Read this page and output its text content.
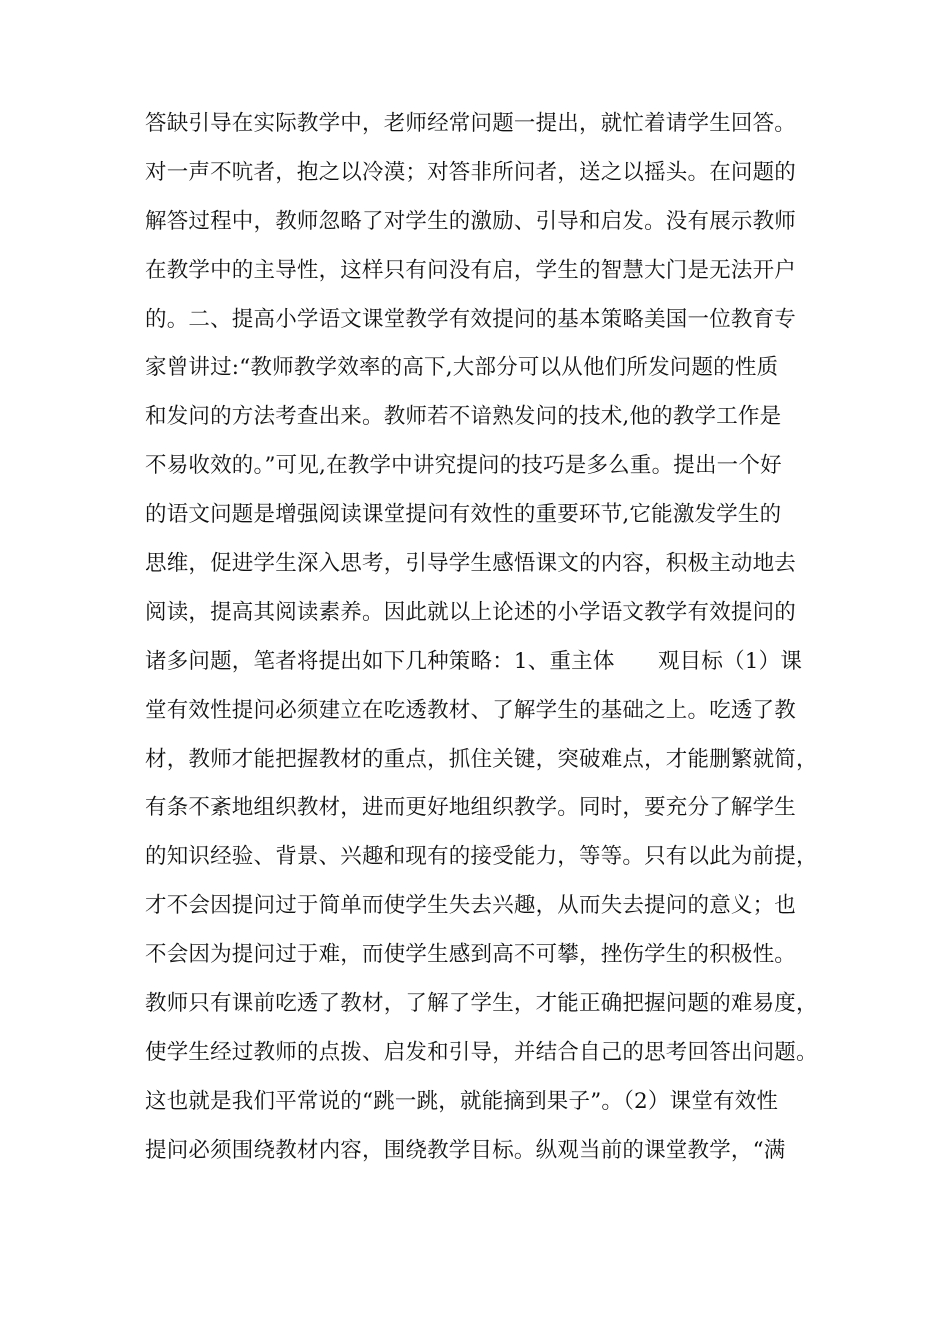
答缺引导在实际教学中，老师经常问题一提出，就忙着请学生回答。
对一声不吭者，抱之以冷漠；对答非所问者，送之以摇头。在问题的
解答过程中，教师忽略了对学生的激励、引导和启发。没有展示教师
在教学中的主导性，这样只有问没有启，学生的智慧大门是无法开户
的。二、提高小学语文课堂教学有效提问的基本策略美国一位教育专
家曾讲过:“教师教学效率的高下,大部分可以从他们所发问题的性质
和发问的方法考查出来。教师若不谙熟发问的技术,他的教学工作是
不易收效的。”可见,在教学中讲究提问的技巧是多么重。提出一个好
的语文问题是增强阅读课堂提问有效性的重要环节,它能激发学生的
思维，促进学生深入思考，引导学生感悟课文的内容，积极主动地去
阅读，提高其阅读素养。因此就以上论述的小学语文教学有效提问的
诸多问题，笔者将提出如下几种策略：1、重主体　　观目标（1）课
堂有效性提问必须建立在吃透教材、了解学生的基础之上。吃透了教
材，教师才能把握教材的重点，抓住关键，突破难点，才能删繁就简，
有条不紊地组织教材，进而更好地组织教学。同时，要充分了解学生
的知识经验、背景、兴趣和现有的接受能力，等等。只有以此为前提，
才不会因提问过于简单而使学生失去兴趣，从而失去提问的意义；也
不会因为提问过于难，而使学生感到高不可攀，挫伤学生的积极性。
教师只有课前吃透了教材，了解了学生，才能正确把握问题的难易度，
使学生经过教师的点拨、启发和引导，并结合自己的思考回答出问题。
这也就是我们平常说的“跳一跳，就能摘到果子”。（2）课堂有效性
提问必须围绕教材内容，围绕教学目标。纵观当前的课堂教学，“满
